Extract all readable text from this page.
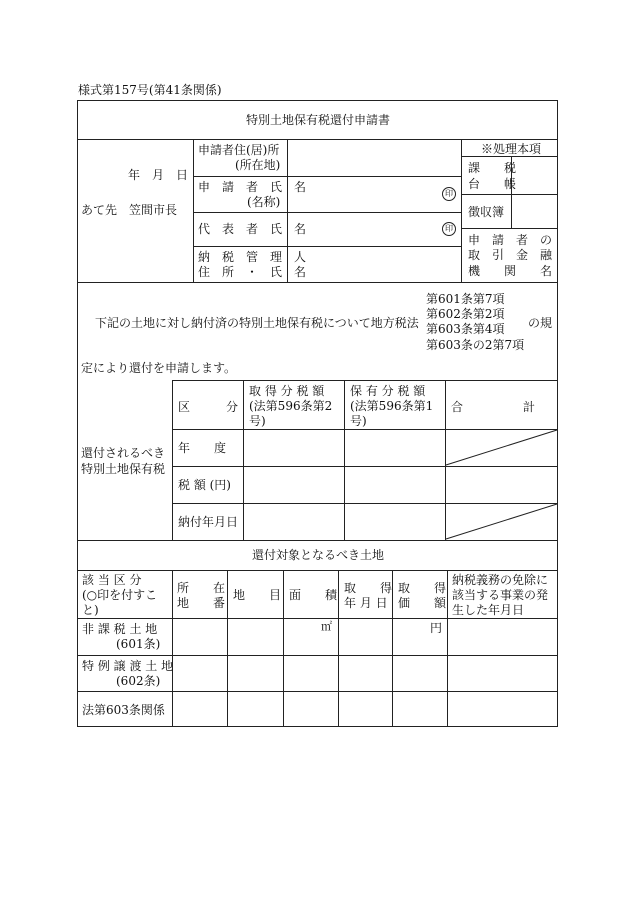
様式第157号(第41条関係)
特別土地保有税還付申請書
年　月　日
あて先　笠間市長
申請者住(居)所
(所在地)
申　請　者　氏　名
(名称)
印
代　表　者　氏　名	印
納　税　管　理　人
住　所　・　氏　名
※処理本項
課　　税
台　　帳
徴収簿
申　請　者　の
取　引　金　融
機　　関　　名
下記の土地に対し納付済の特別土地保有税について地方税法
第601条第7項
第602条第2項
第603条第4項
第603条の2第7項
の規
定により還付を申請します。
還付されるべき
特別土地保有税
区　　　分
取 得 分 税 額
(法第596条第2
号)
保 有 分 税 額
(法第596条第1
号)
合　　　　　計
年　　度
税 額 (円)
納付年月日
還付対象となるべき土地
該 当 区 分
(○印を付すこ
と)
所　　在
地　　番
地　　目 面　　積 取　　得
年 月 日
取　　得
価　　額
納税義務の免除に
該当する事業の発
生した年月日
非 課 税 土 地
(601条)
㎡	円
特 例 譲 渡 土 地
(602条)
法第603条関係
